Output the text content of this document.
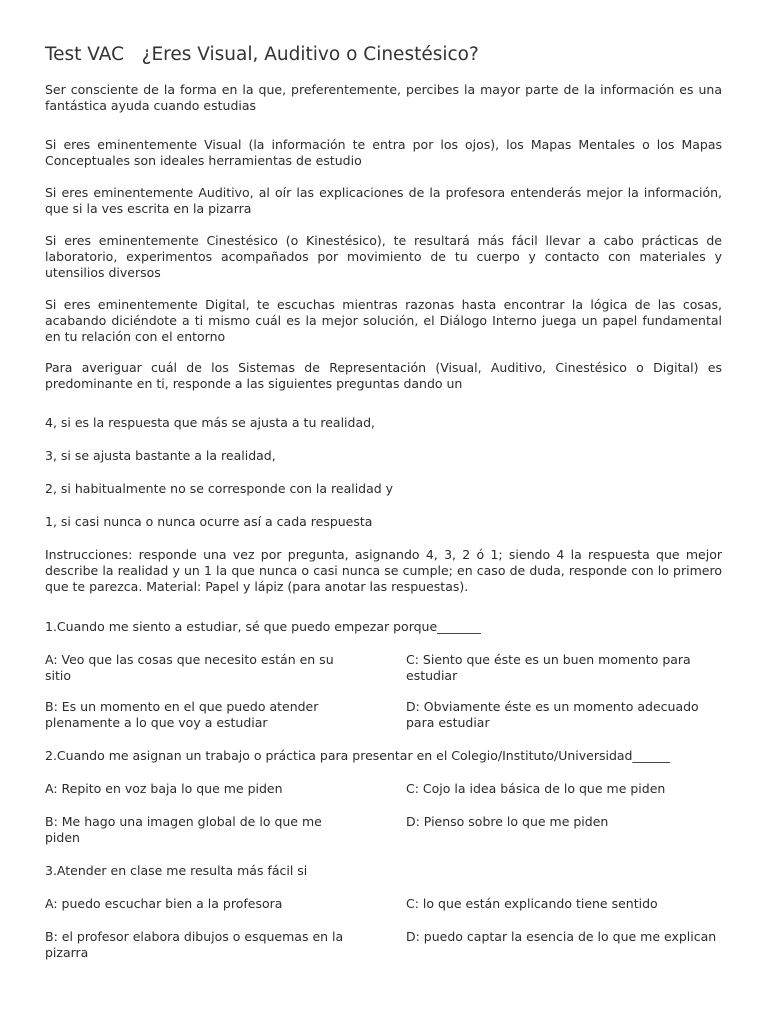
Test VAC   ¿Eres Visual, Auditivo o Cinestésico?

Ser consciente de la forma en la que, preferentemente, percibes la mayor parte de la información es una fantástica ayuda cuando estudias

Si eres eminentemente Visual (la información te entra por los ojos), los Mapas Mentales o los Mapas Conceptuales son ideales herramientas de estudio

Si eres eminentemente Auditivo, al oír las explicaciones de la profesora entenderás mejor la información, que si la ves escrita en la pizarra

Si eres eminentemente Cinestésico (o Kinestésico), te resultará más fácil llevar a cabo prácticas de laboratorio, experimentos acompañados por movimiento de tu cuerpo y contacto con materiales y utensilios diversos

Si eres eminentemente Digital, te escuchas mientras razonas hasta encontrar la lógica de las cosas, acabando diciéndote a ti mismo cuál es la mejor solución, el Diálogo Interno juega un papel fundamental en tu relación con el entorno

Para averiguar cuál de los Sistemas de Representación (Visual, Auditivo, Cinestésico o Digital) es predominante en ti, responde a las siguientes preguntas dando un

4, si es la respuesta que más se ajusta a tu realidad,

3, si se ajusta bastante a la realidad,

2, si habitualmente no se corresponde con la realidad y

1, si casi nunca o nunca ocurre así a cada respuesta

Instrucciones: responde una vez por pregunta, asignando 4, 3, 2 ó 1; siendo 4 la respuesta que mejor describe la realidad y un 1 la que nunca o casi nunca se cumple; en caso de duda, responde con lo primero que te parezca. Material: Papel y lápiz (para anotar las respuestas).

1.Cuando me siento a estudiar, sé que puedo empezar porque_______

A: Veo que las cosas que necesito están en su sitio

C: Siento que éste es un buen momento para estudiar

B: Es un momento en el que puedo atender plenamente a lo que voy a estudiar

D: Obviamente éste es un momento adecuado para estudiar

2.Cuando me asignan un trabajo o práctica para presentar en el Colegio/Instituto/Universidad______

A: Repito en voz baja lo que me piden	C: Cojo la idea básica de lo que me piden

B: Me hago una imagen global de lo que me piden

D: Pienso sobre lo que me piden

3.Atender en clase me resulta más fácil si

A: puedo escuchar bien a la profesora	C: lo que están explicando tiene sentido

B: el profesor elabora dibujos o esquemas en la pizarra

D: puedo captar la esencia de lo que me explican
